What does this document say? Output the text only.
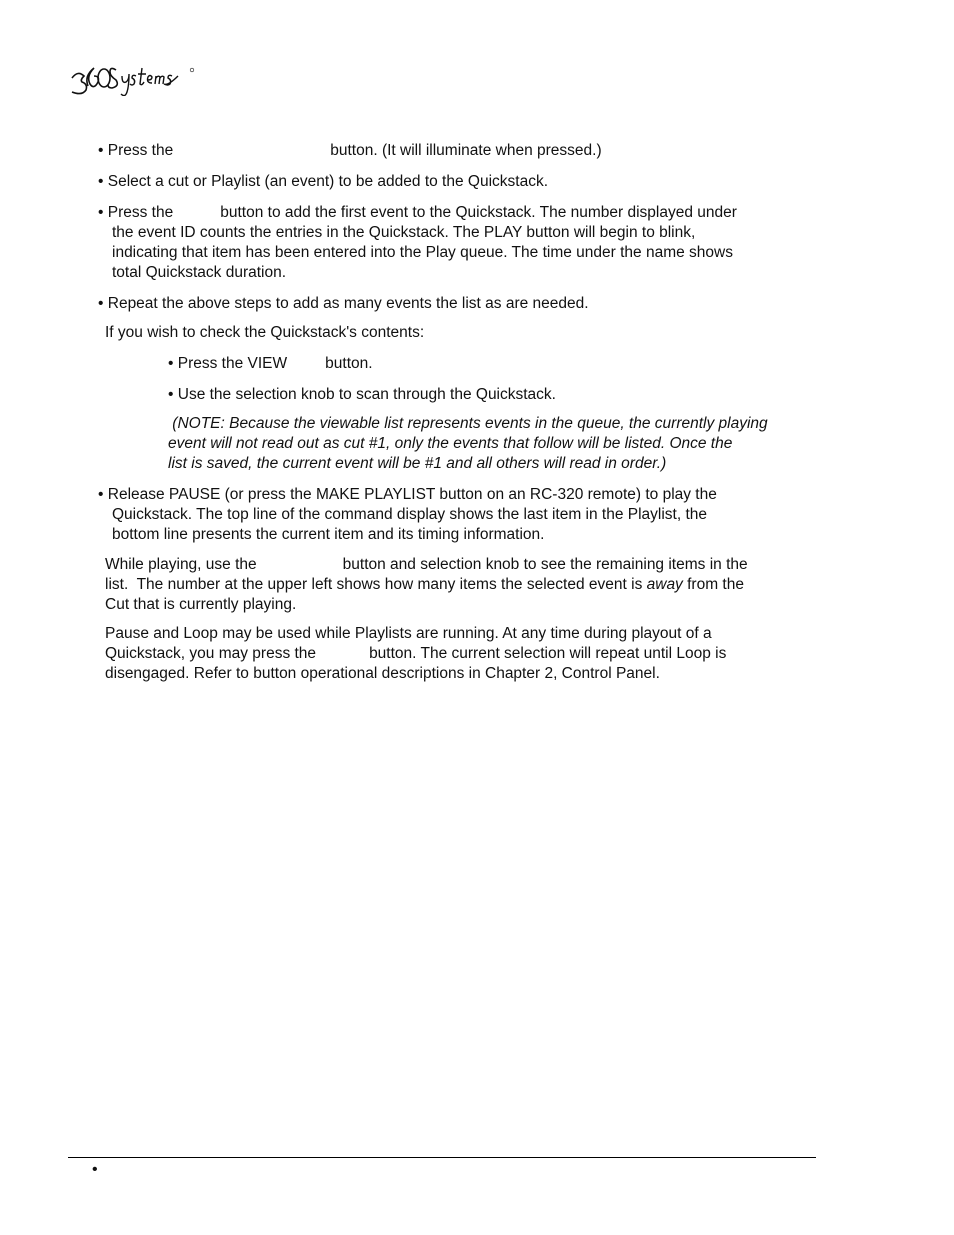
• Press the	button. (It will illuminate when pressed.)
• Select a cut or Playlist (an event) to be added to the Quickstack.
• Press the	button to add the first event to the Quickstack. The number displayed under
the event ID counts the entries in the Quickstack. The PLAY button will begin to blink,
indicating that item has been entered into the Play queue. The time under the name shows
total Quickstack duration.
• Repeat the above steps to add as many events the list as are needed.
If you wish to check the Quickstack's contents:
• Press the VIEW button.
• Use the selection knob to scan through the Quickstack.
(NOTE: Because the viewable list represents events in the queue, the currently playing
event will not read out as cut #1, only the events that follow will be listed. Once the
list is saved, the current event will be #1 and all others will read in order.)
• Release PAUSE (or press the MAKE PLAYLIST button on an RC-320 remote) to play the
Quickstack. The top line of the command display shows the last item in the Playlist, the
bottom line presents the current item and its timing information.
While playing, use the	button and selection knob to see the remaining items in the
list.  The number at the upper left shows how many items the selected event is away from the
Cut that is currently playing.
Pause and Loop may be used while Playlists are running. At any time during playout of a
Quickstack, you may press the	button. The current selection will repeat until Loop is
disengaged. Refer to button operational descriptions in Chapter 2, Control Panel.
•
